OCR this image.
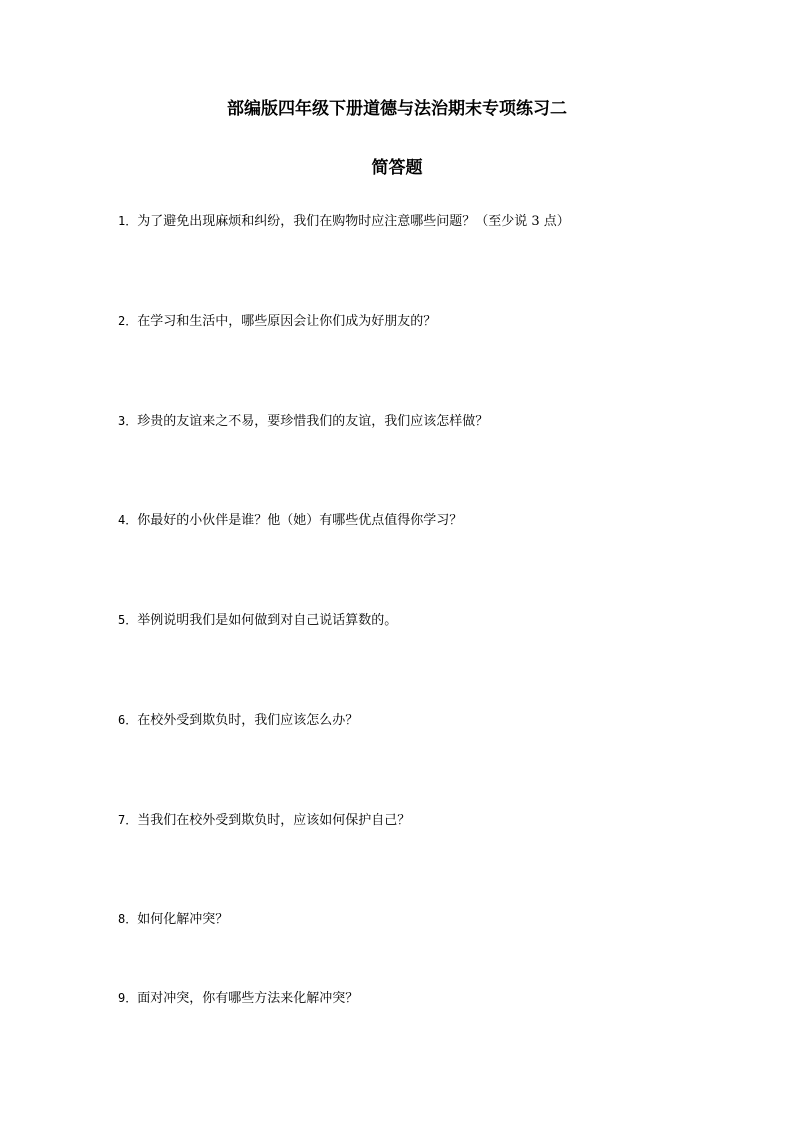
部编版四年级下册道德与法治期末专项练习二
简答题
1．为了避免出现麻烦和纠纷，我们在购物时应注意哪些问题？（至少说 3 点）
2．在学习和生活中，哪些原因会让你们成为好朋友的？
3．珍贵的友谊来之不易，要珍惜我们的友谊，我们应该怎样做？
4．你最好的小伙伴是谁？他（她）有哪些优点值得你学习？
5．举例说明我们是如何做到对自己说话算数的。
6．在校外受到欺负时，我们应该怎么办？
7．当我们在校外受到欺负时，应该如何保护自己？
8．如何化解冲突？
9．面对冲突，你有哪些方法来化解冲突？
